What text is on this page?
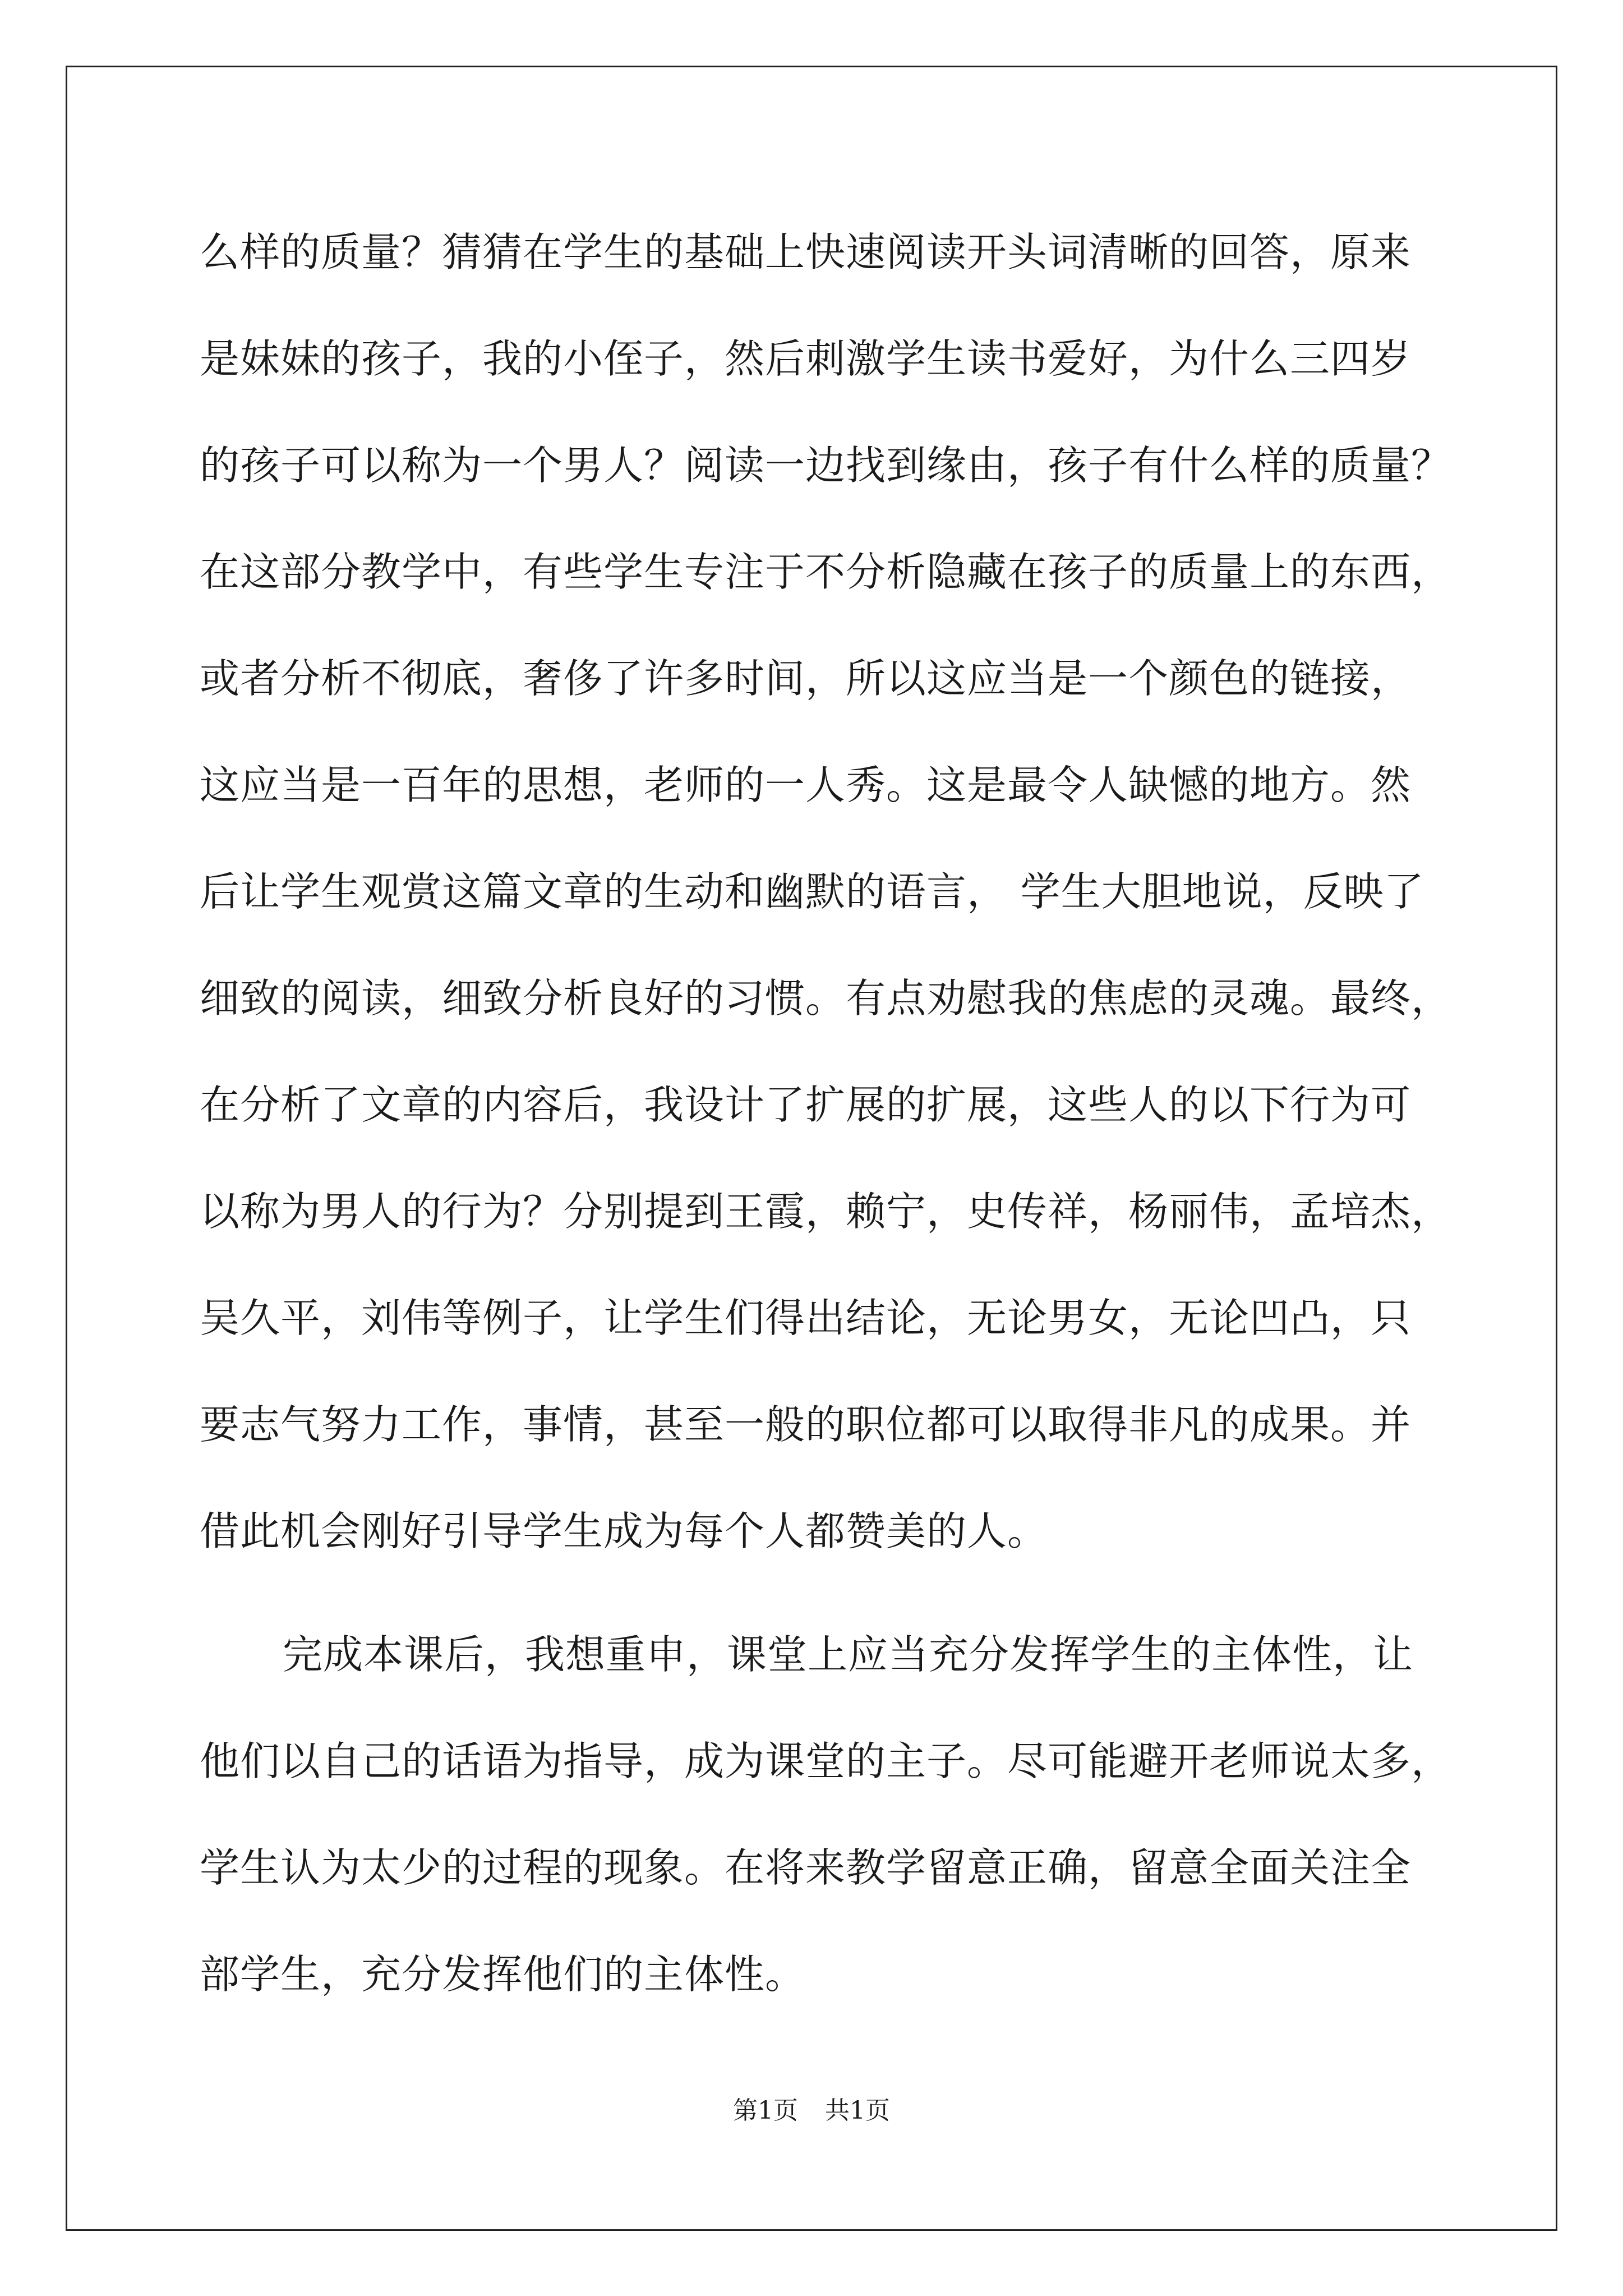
么样的质量？猜猜在学生的基础上快速阅读开头词清晰的回答，原来
是妹妹的孩子，我的小侄子，然后刺激学生读书爱好，为什么三四岁
的孩子可以称为一个男人？阅读一边找到缘由，孩子有什么样的质量？
在这部分教学中，有些学生专注于不分析隐藏在孩子的质量上的东西，
或者分析不彻底，奢侈了许多时间，所以这应当是一个颜色的链接，
这应当是一百年的思想，老师的一人秀。这是最令人缺憾的地方。然
后让学生观赏这篇文章的生动和幽默的语言， 学生大胆地说，反映了
细致的阅读，细致分析良好的习惯。有点劝慰我的焦虑的灵魂。最终，
在分析了文章的内容后，我设计了扩展的扩展，这些人的以下行为可
以称为男人的行为？分别提到王霞，赖宁，史传祥，杨丽伟，孟培杰，
吴久平，刘伟等例子，让学生们得出结论，无论男女，无论凹凸，只
要志气努力工作，事情，甚至一般的职位都可以取得非凡的成果。并
借此机会刚好引导学生成为每个人都赞美的人。
完成本课后，我想重申，课堂上应当充分发挥学生的主体性，让
他们以自己的话语为指导，成为课堂的主子。尽可能避开老师说太多，
学生认为太少的过程的现象。在将来教学留意正确，留意全面关注全
部学生，充分发挥他们的主体性。
第1页 共1页
